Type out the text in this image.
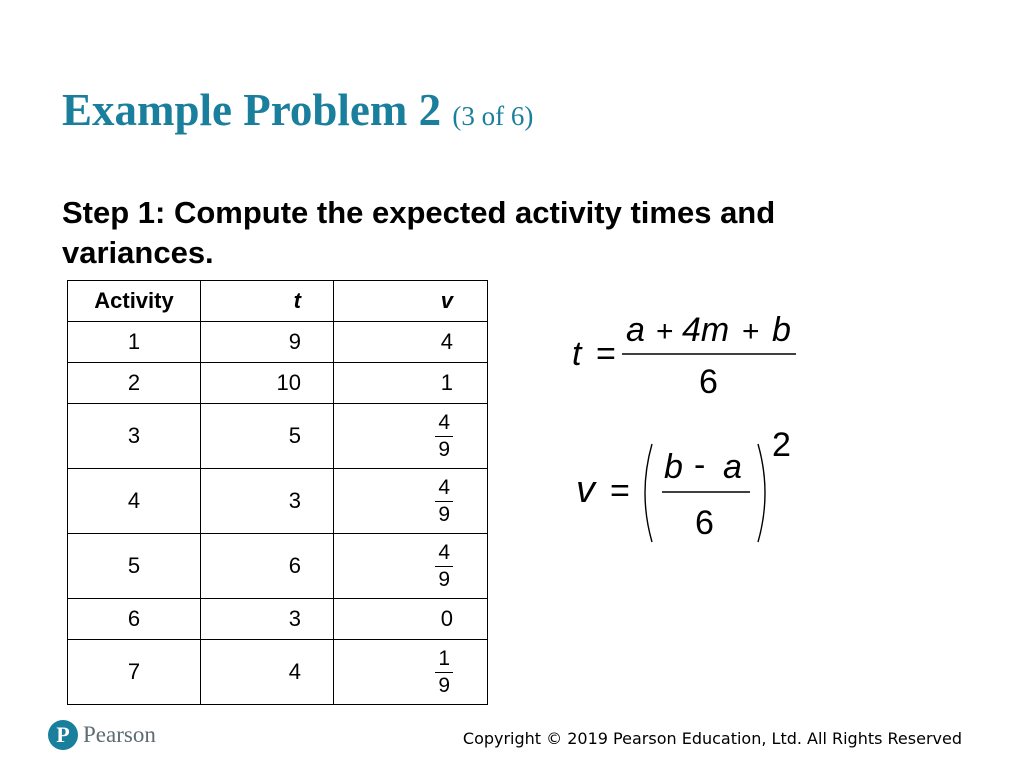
Example Problem 2 (3 of 6)

Step 1: Compute the expected activity times and variances.

Activity	t	v
1	9	4
2	10	1
3	5	$\frac{4}{9}$

4	3	$\frac{4}{9}$

5	6	$\frac{4}{9}$

6	3	0
7	4	$\frac{1}{9}$
t =
a + 4m + b
6
v =
b - a
6
2
P Pearson	Copyright © 2019 Pearson Education, Ltd. All Rights Reserved
